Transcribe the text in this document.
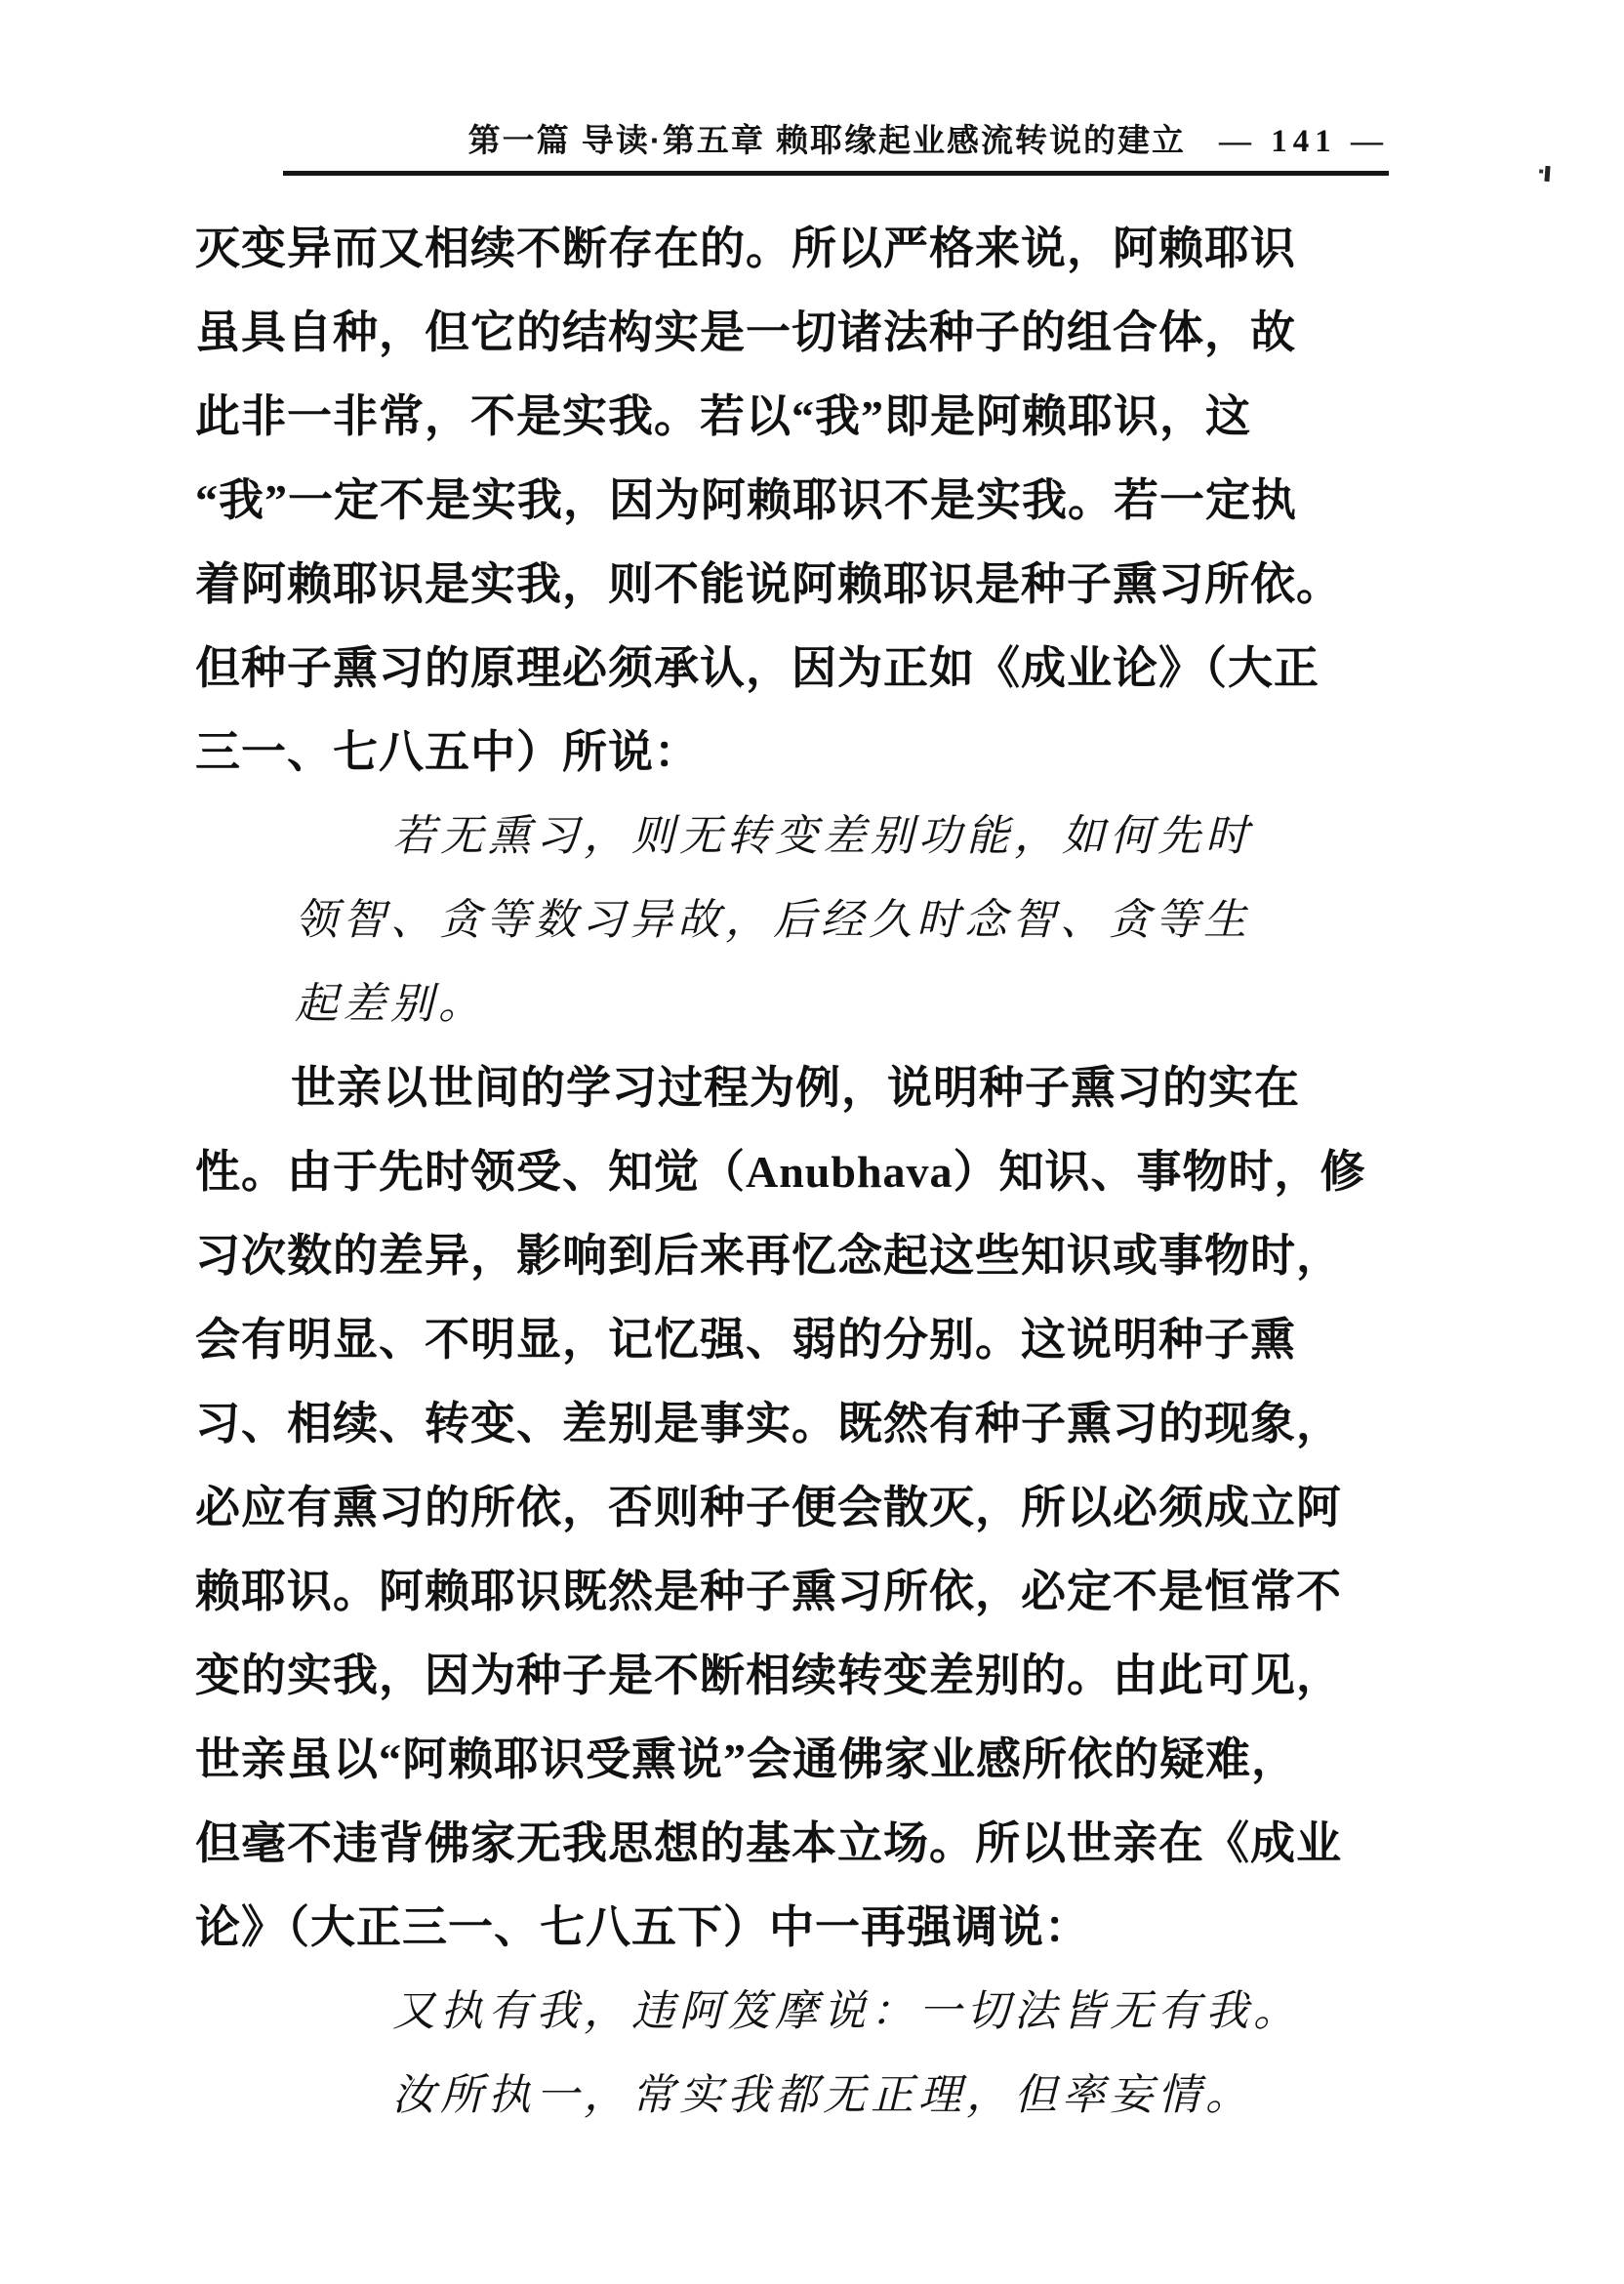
第一篇 导读·第五章 赖耶缘起业感流转说的建立 — 141 —
灭变异而又相续不断存在的。所以严格来说，阿赖耶识
虽具自种，但它的结构实是一切诸法种子的组合体，故
此非一非常，不是实我。若以“我”即是阿赖耶识，这
“我”一定不是实我，因为阿赖耶识不是实我。若一定执
着阿赖耶识是实我，则不能说阿赖耶识是种子熏习所依。
但种子熏习的原理必须承认，因为正如《成业论》（大正
三一、七八五中）所说：
若无熏习，则无转变差别功能，如何先时
领智、贪等数习异故，后经久时念智、贪等生
起差别。
世亲以世间的学习过程为例，说明种子熏习的实在
性。由于先时领受、知觉（Anubhava）知识、事物时，修
习次数的差异，影响到后来再忆念起这些知识或事物时，
会有明显、不明显，记忆强、弱的分别。这说明种子熏
习、相续、转变、差别是事实。既然有种子熏习的现象，
必应有熏习的所依，否则种子便会散灭，所以必须成立阿
赖耶识。阿赖耶识既然是种子熏习所依，必定不是恒常不
变的实我，因为种子是不断相续转变差别的。由此可见，
世亲虽以“阿赖耶识受熏说”会通佛家业感所依的疑难，
但毫不违背佛家无我思想的基本立场。所以世亲在《成业
论》（大正三一、七八五下）中一再强调说：
又执有我，违阿笈摩说：一切法皆无有我。
汝所执一，常实我都无正理，但率妄情。
